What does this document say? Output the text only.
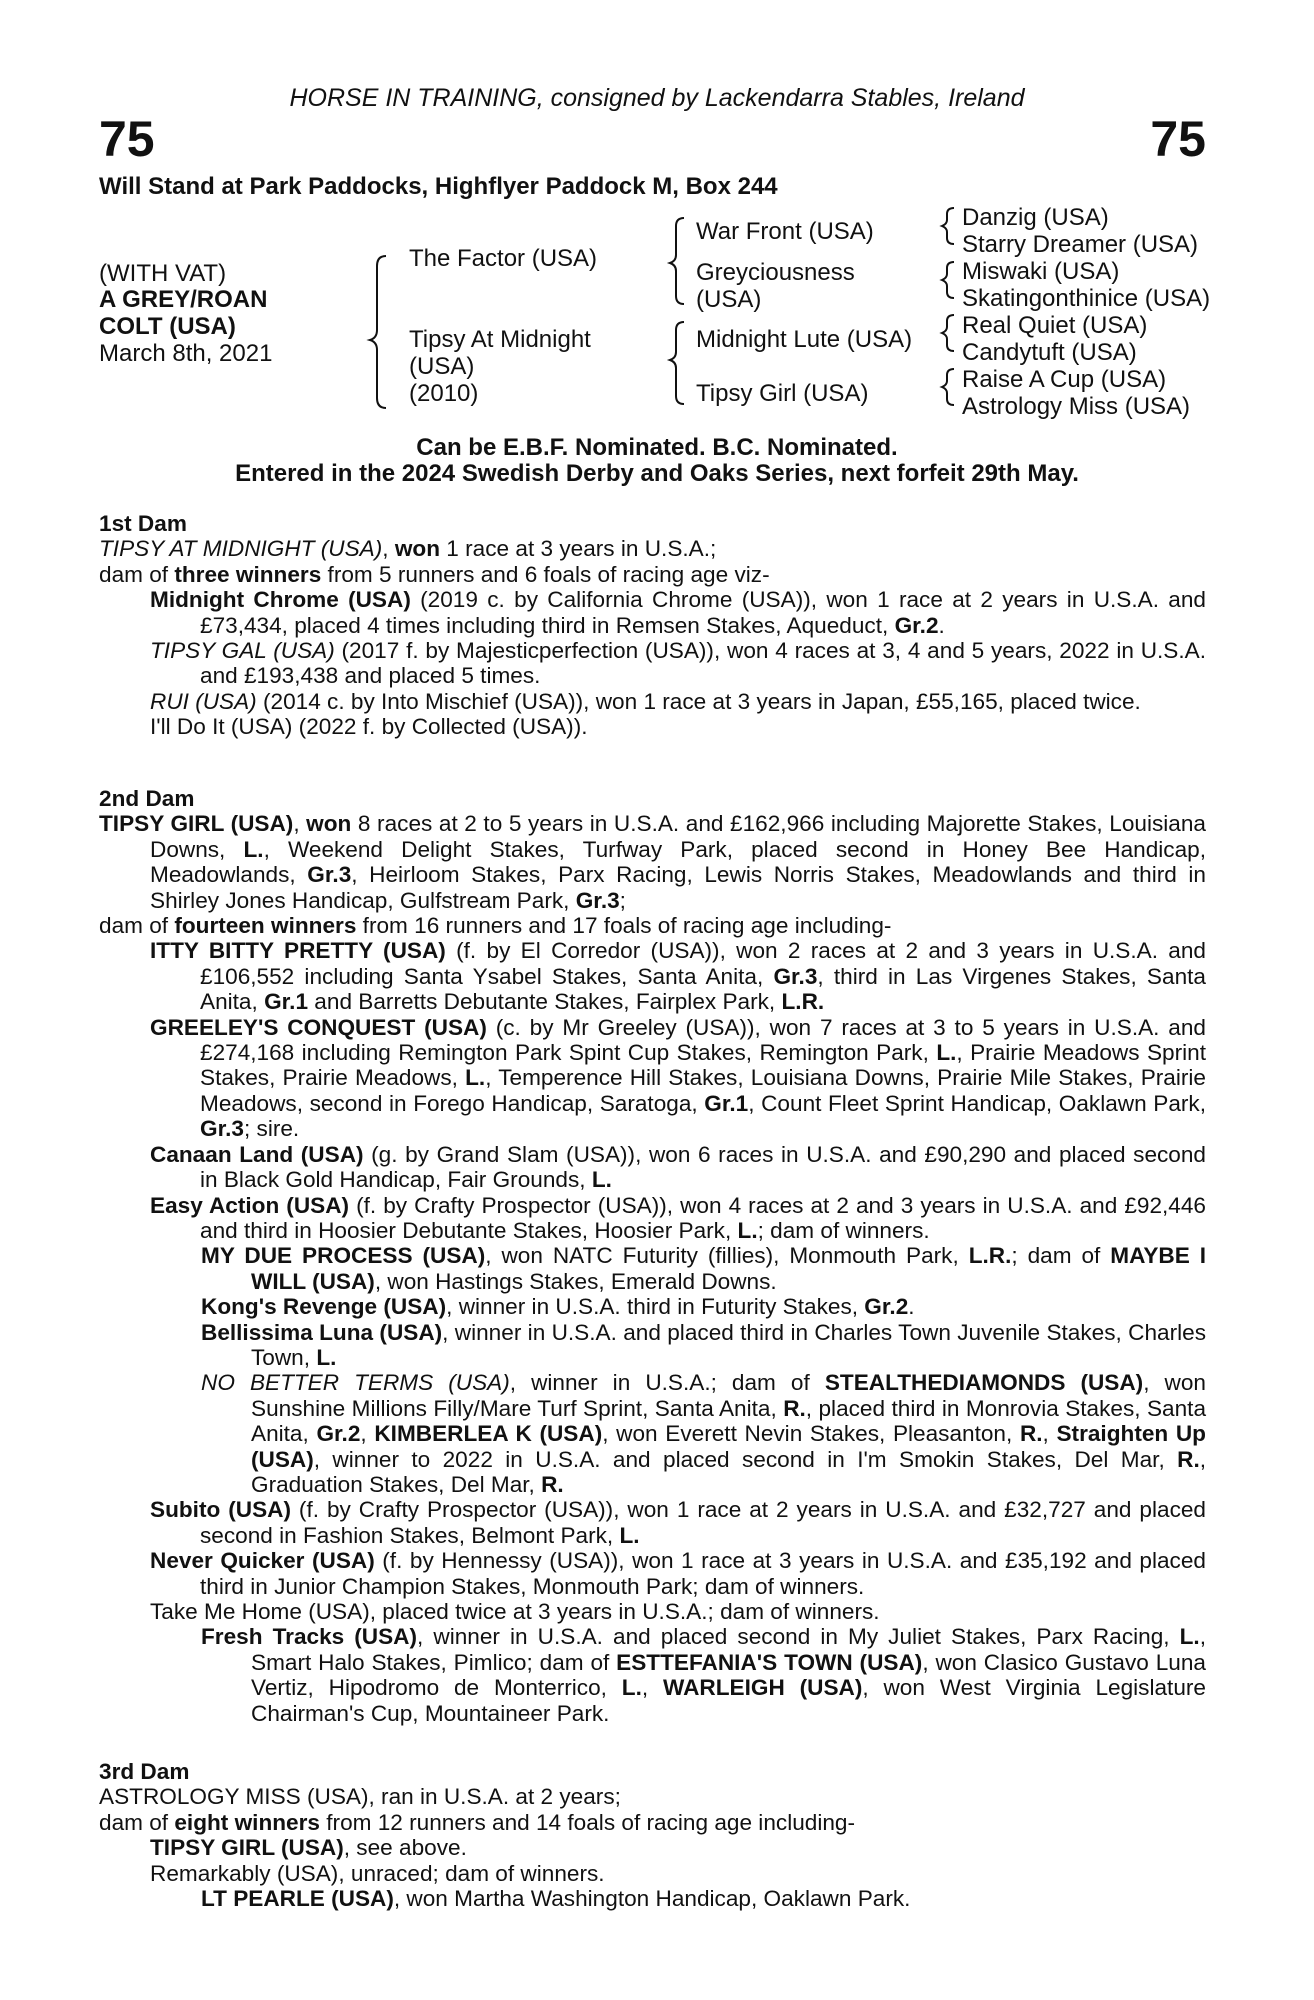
HORSE IN TRAINING, consigned by Lackendarra Stables, Ireland
75	75
Will Stand at Park Paddocks, Highflyer Paddock M, Box 244
(WITH VAT)
A GREY/ROAN
COLT (USA)
March 8th, 2021
The Factor (USA)
Tipsy At Midnight
(USA)
(2010)
War Front (USA)
Greyciousness
(USA)
Midnight Lute (USA)
Tipsy Girl (USA)
Danzig (USA)
Starry Dreamer (USA)
Miswaki (USA)
Skatingonthinice (USA)
Real Quiet (USA)
Candytuft (USA)
Raise A Cup (USA)
Astrology Miss (USA)
Can be E.B.F. Nominated. B.C. Nominated.
Entered in the 2024 Swedish Derby and Oaks Series, next forfeit 29th May.

1st Dam

TIPSY AT MIDNIGHT (USA), won 1 race at 3 years in U.S.A.;

dam of three winners from 5 runners and 6 foals of racing age viz-

Midnight Chrome (USA) (2019 c. by California Chrome (USA)), won 1 race at 2 years in U.S.A. and £73,434, placed 4 times including third in Remsen Stakes, Aqueduct, Gr.2.

TIPSY GAL (USA) (2017 f. by Majesticperfection (USA)), won 4 races at 3, 4 and 5 years, 2022 in U.S.A. and £193,438 and placed 5 times.

RUI (USA) (2014 c. by Into Mischief (USA)), won 1 race at 3 years in Japan, £55,165, placed twice.

I'll Do It (USA) (2022 f. by Collected (USA)).

2nd Dam

TIPSY GIRL (USA), won 8 races at 2 to 5 years in U.S.A. and £162,966 including Majorette Stakes, Louisiana Downs, L., Weekend Delight Stakes, Turfway Park, placed second in Honey Bee Handicap, Meadowlands, Gr.3, Heirloom Stakes, Parx Racing, Lewis Norris Stakes, Meadowlands and third in Shirley Jones Handicap, Gulfstream Park, Gr.3;

dam of fourteen winners from 16 runners and 17 foals of racing age including-

ITTY BITTY PRETTY (USA) (f. by El Corredor (USA)), won 2 races at 2 and 3 years in U.S.A. and £106,552 including Santa Ysabel Stakes, Santa Anita, Gr.3, third in Las Virgenes Stakes, Santa Anita, Gr.1 and Barretts Debutante Stakes, Fairplex Park, L.R.

GREELEY'S CONQUEST (USA) (c. by Mr Greeley (USA)), won 7 races at 3 to 5 years in U.S.A. and £274,168 including Remington Park Spint Cup Stakes, Remington Park, L., Prairie Meadows Sprint Stakes, Prairie Meadows, L., Temperence Hill Stakes, Louisiana Downs, Prairie Mile Stakes, Prairie Meadows, second in Forego Handicap, Saratoga, Gr.1, Count Fleet Sprint Handicap, Oaklawn Park, Gr.3; sire.

Canaan Land (USA) (g. by Grand Slam (USA)), won 6 races in U.S.A. and £90,290 and placed second in Black Gold Handicap, Fair Grounds, L.

Easy Action (USA) (f. by Crafty Prospector (USA)), won 4 races at 2 and 3 years in U.S.A. and £92,446 and third in Hoosier Debutante Stakes, Hoosier Park, L.; dam of winners.

MY DUE PROCESS (USA), won NATC Futurity (fillies), Monmouth Park, L.R.; dam of MAYBE I WILL (USA), won Hastings Stakes, Emerald Downs.

Kong's Revenge (USA), winner in U.S.A. third in Futurity Stakes, Gr.2.

Bellissima Luna (USA), winner in U.S.A. and placed third in Charles Town Juvenile Stakes, Charles Town, L.

NO BETTER TERMS (USA), winner in U.S.A.; dam of STEALTHEDIAMONDS (USA), won Sunshine Millions Filly/Mare Turf Sprint, Santa Anita, R., placed third in Monrovia Stakes, Santa Anita, Gr.2, KIMBERLEA K (USA), won Everett Nevin Stakes, Pleasanton, R., Straighten Up (USA), winner to 2022 in U.S.A. and placed second in I'm Smokin Stakes, Del Mar, R., Graduation Stakes, Del Mar, R.

Subito (USA) (f. by Crafty Prospector (USA)), won 1 race at 2 years in U.S.A. and £32,727 and placed second in Fashion Stakes, Belmont Park, L.

Never Quicker (USA) (f. by Hennessy (USA)), won 1 race at 3 years in U.S.A. and £35,192 and placed third in Junior Champion Stakes, Monmouth Park; dam of winners.

Take Me Home (USA), placed twice at 3 years in U.S.A.; dam of winners.

Fresh Tracks (USA), winner in U.S.A. and placed second in My Juliet Stakes, Parx Racing, L., Smart Halo Stakes, Pimlico; dam of ESTTEFANIA'S TOWN (USA), won Clasico Gustavo Luna Vertiz, Hipodromo de Monterrico, L., WARLEIGH (USA), won West Virginia Legislature Chairman's Cup, Mountaineer Park.

3rd Dam

ASTROLOGY MISS (USA), ran in U.S.A. at 2 years;

dam of eight winners from 12 runners and 14 foals of racing age including-

TIPSY GIRL (USA), see above.

Remarkably (USA), unraced; dam of winners.

LT PEARLE (USA), won Martha Washington Handicap, Oaklawn Park.
